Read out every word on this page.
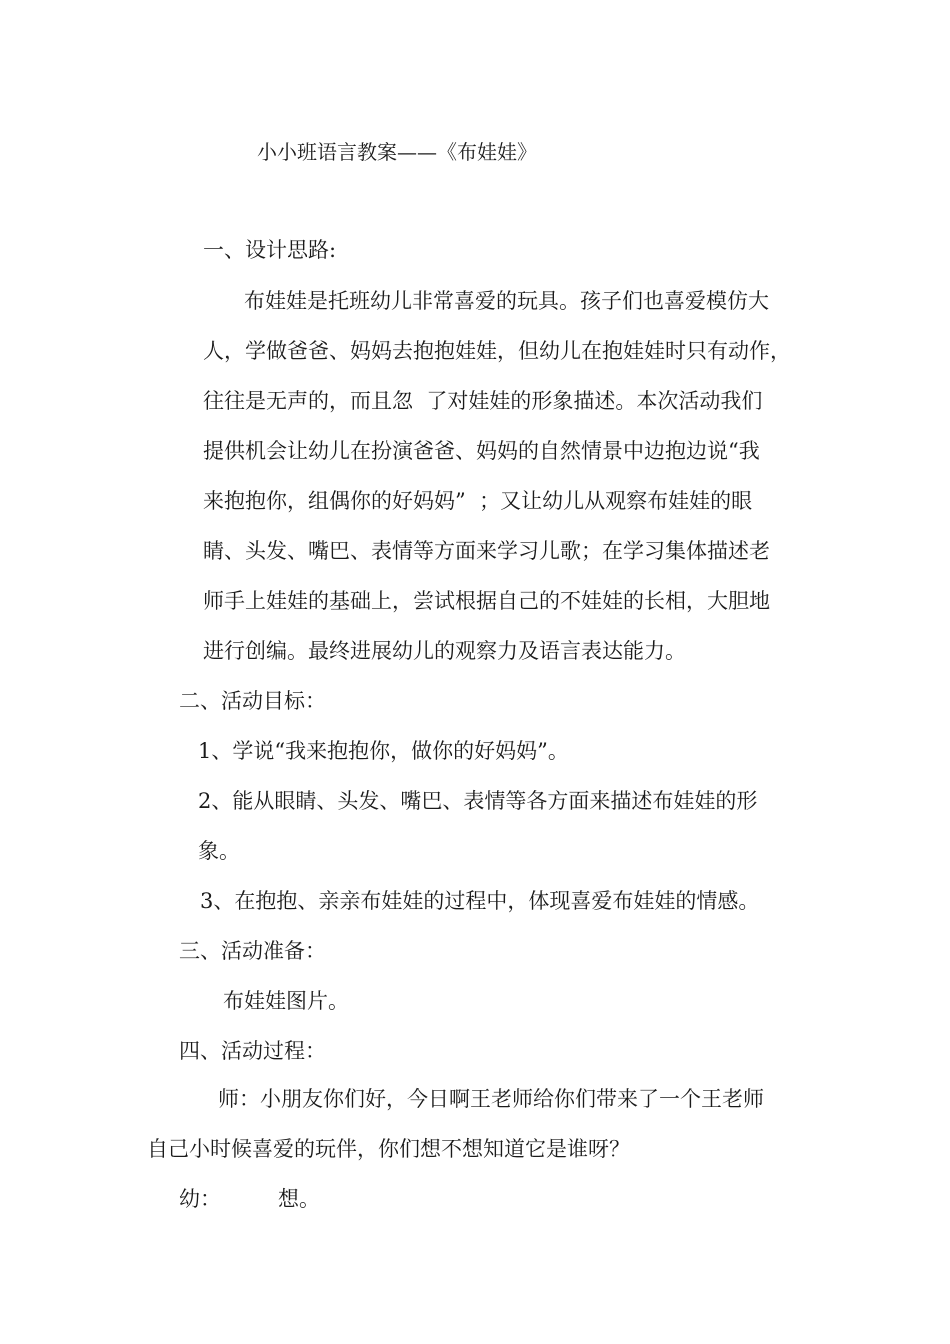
小小班语言教案——《布娃娃》
一、设计思路:
布娃娃是托班幼儿非常喜爱的玩具。孩子们也喜爱模仿大
人，学做爸爸、妈妈去抱抱娃娃，但幼儿在抱娃娃时只有动作，
往往是无声的，而且忽  了对娃娃的形象描述。本次活动我们
提供机会让幼儿在扮演爸爸、妈妈的自然情景中边抱边说“我
来抱抱你，组偶你的好妈妈”  ；又让幼儿从观察布娃娃的眼
睛、头发、嘴巴、表情等方面来学习儿歌；在学习集体描述老
师手上娃娃的基础上，尝试根据自己的不娃娃的长相，大胆地
进行创编。最终进展幼儿的观察力及语言表达能力。
二、活动目标：
1、学说“我来抱抱你，做你的好妈妈”。
2、能从眼睛、头发、嘴巴、表情等各方面来描述布娃娃的形
象。
3、在抱抱、亲亲布娃娃的过程中，体现喜爱布娃娃的情感。
三、活动准备：
布娃娃图片。
四、活动过程：
师：小朋友你们好，今日啊王老师给你们带来了一个王老师
自己小时候喜爱的玩伴，你们想不想知道它是谁呀？
幼：	想。
